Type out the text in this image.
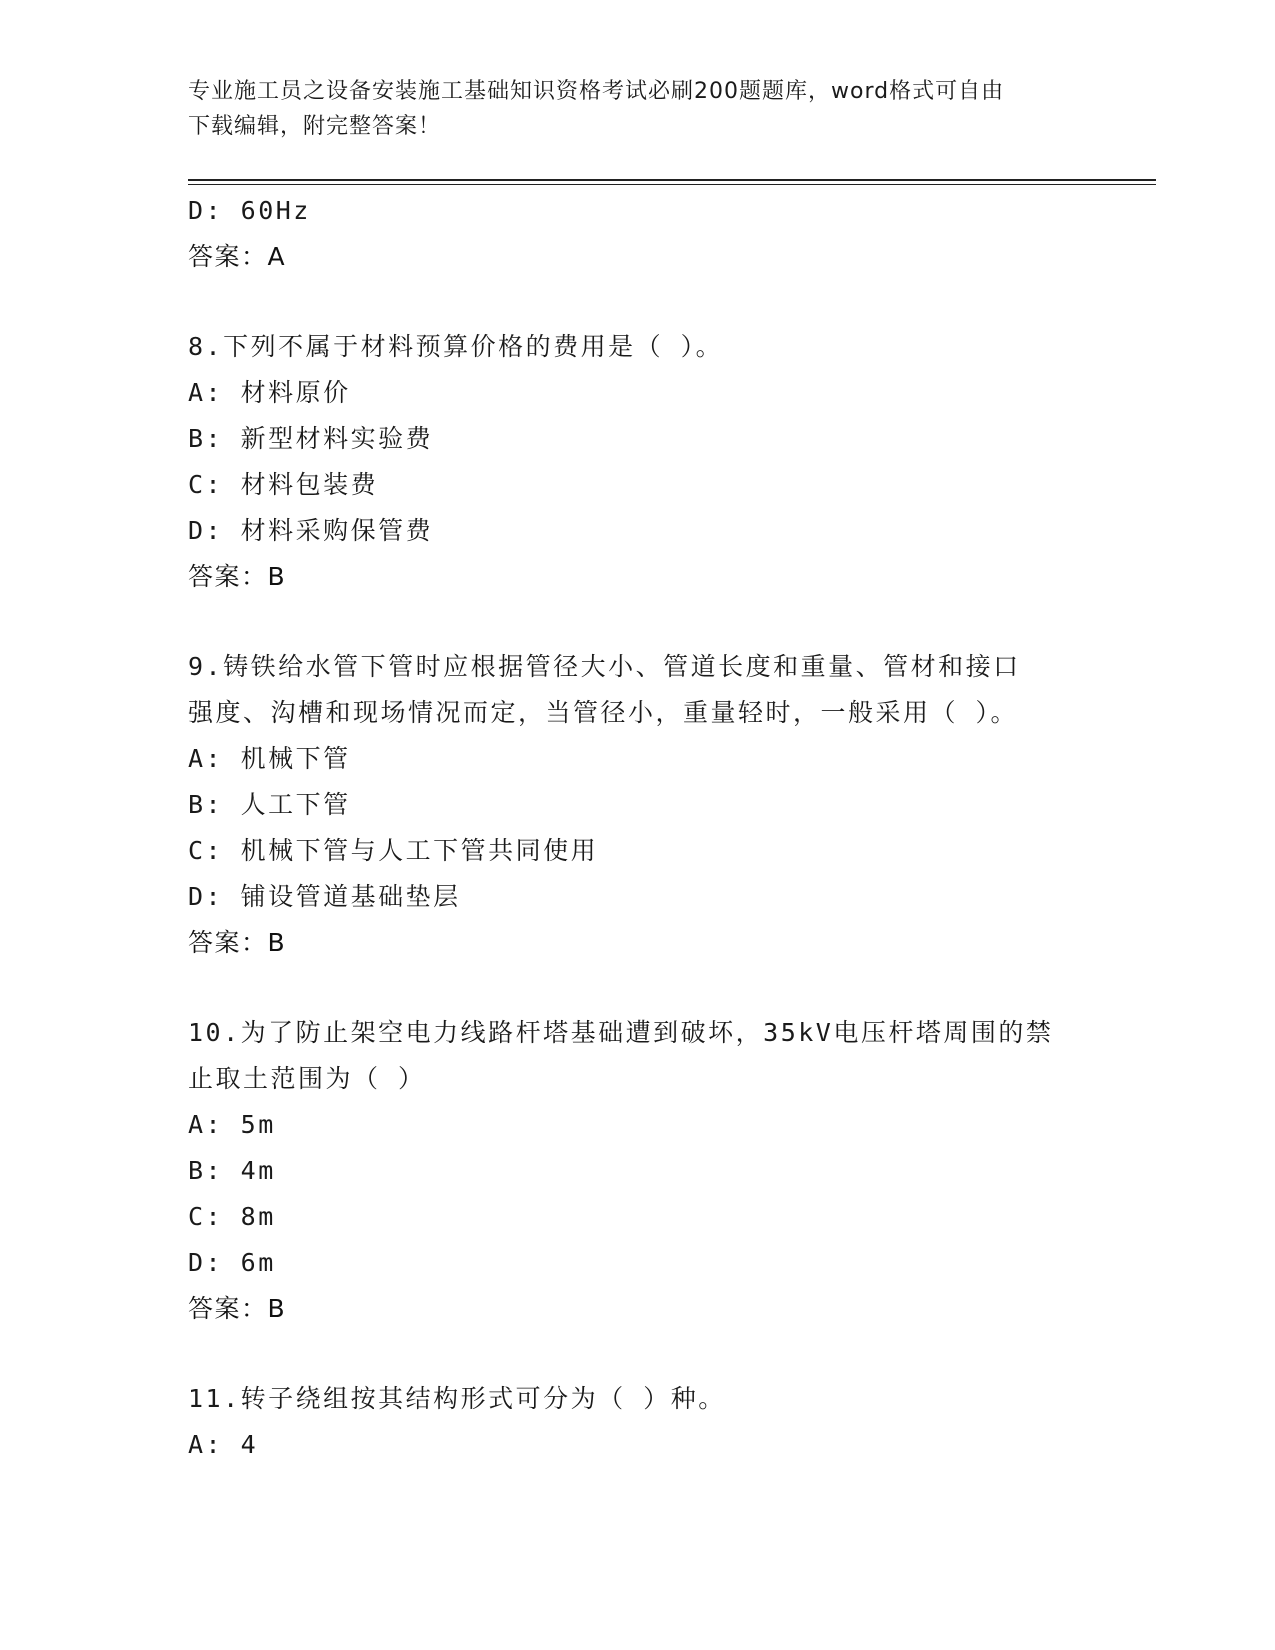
专业施工员之设备安装施工基础知识资格考试必刷200题题库，word格式可自由
下载编辑，附完整答案！
D: 60Hz
答案：A
8.下列不属于材料预算价格的费用是（ ）。
A: 材料原价
B: 新型材料实验费
C: 材料包装费
D: 材料采购保管费
答案：B
9.铸铁给水管下管时应根据管径大小、管道长度和重量、管材和接口
强度、沟槽和现场情况而定，当管径小，重量轻时，一般采用（ ）。
A: 机械下管
B: 人工下管
C: 机械下管与人工下管共同使用
D: 铺设管道基础垫层
答案：B
10.为了防止架空电力线路杆塔基础遭到破坏，35kV电压杆塔周围的禁
止取土范围为（ ）
A: 5m
B: 4m
C: 8m
D: 6m
答案：B
11.转子绕组按其结构形式可分为（ ）种。
A: 4
